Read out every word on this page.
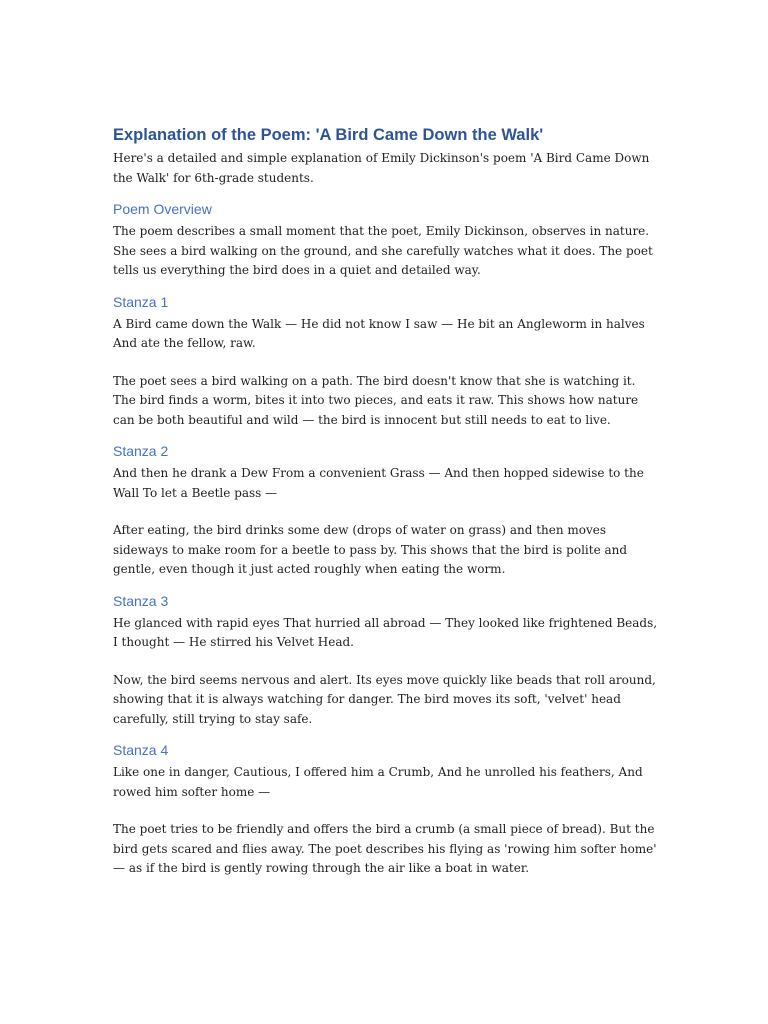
Explanation of the Poem: 'A Bird Came Down the Walk'

Here's a detailed and simple explanation of Emily Dickinson's poem 'A Bird Came Down the Walk' for 6th-grade students.

Poem Overview

The poem describes a small moment that the poet, Emily Dickinson, observes in nature. She sees a bird walking on the ground, and she carefully watches what it does. The poet tells us everything the bird does in a quiet and detailed way.

Stanza 1

A Bird came down the Walk — He did not know I saw — He bit an Angleworm in halves And ate the fellow, raw.

The poet sees a bird walking on a path. The bird doesn't know that she is watching it. The bird finds a worm, bites it into two pieces, and eats it raw. This shows how nature can be both beautiful and wild — the bird is innocent but still needs to eat to live.

Stanza 2

And then he drank a Dew From a convenient Grass — And then hopped sidewise to the Wall To let a Beetle pass —

After eating, the bird drinks some dew (drops of water on grass) and then moves sideways to make room for a beetle to pass by. This shows that the bird is polite and gentle, even though it just acted roughly when eating the worm.

Stanza 3

He glanced with rapid eyes That hurried all abroad — They looked like frightened Beads, I thought — He stirred his Velvet Head.

Now, the bird seems nervous and alert. Its eyes move quickly like beads that roll around, showing that it is always watching for danger. The bird moves its soft, 'velvet' head carefully, still trying to stay safe.

Stanza 4

Like one in danger, Cautious, I offered him a Crumb, And he unrolled his feathers, And rowed him softer home —

The poet tries to be friendly and offers the bird a crumb (a small piece of bread). But the bird gets scared and flies away. The poet describes his flying as 'rowing him softer home' — as if the bird is gently rowing through the air like a boat in water.
